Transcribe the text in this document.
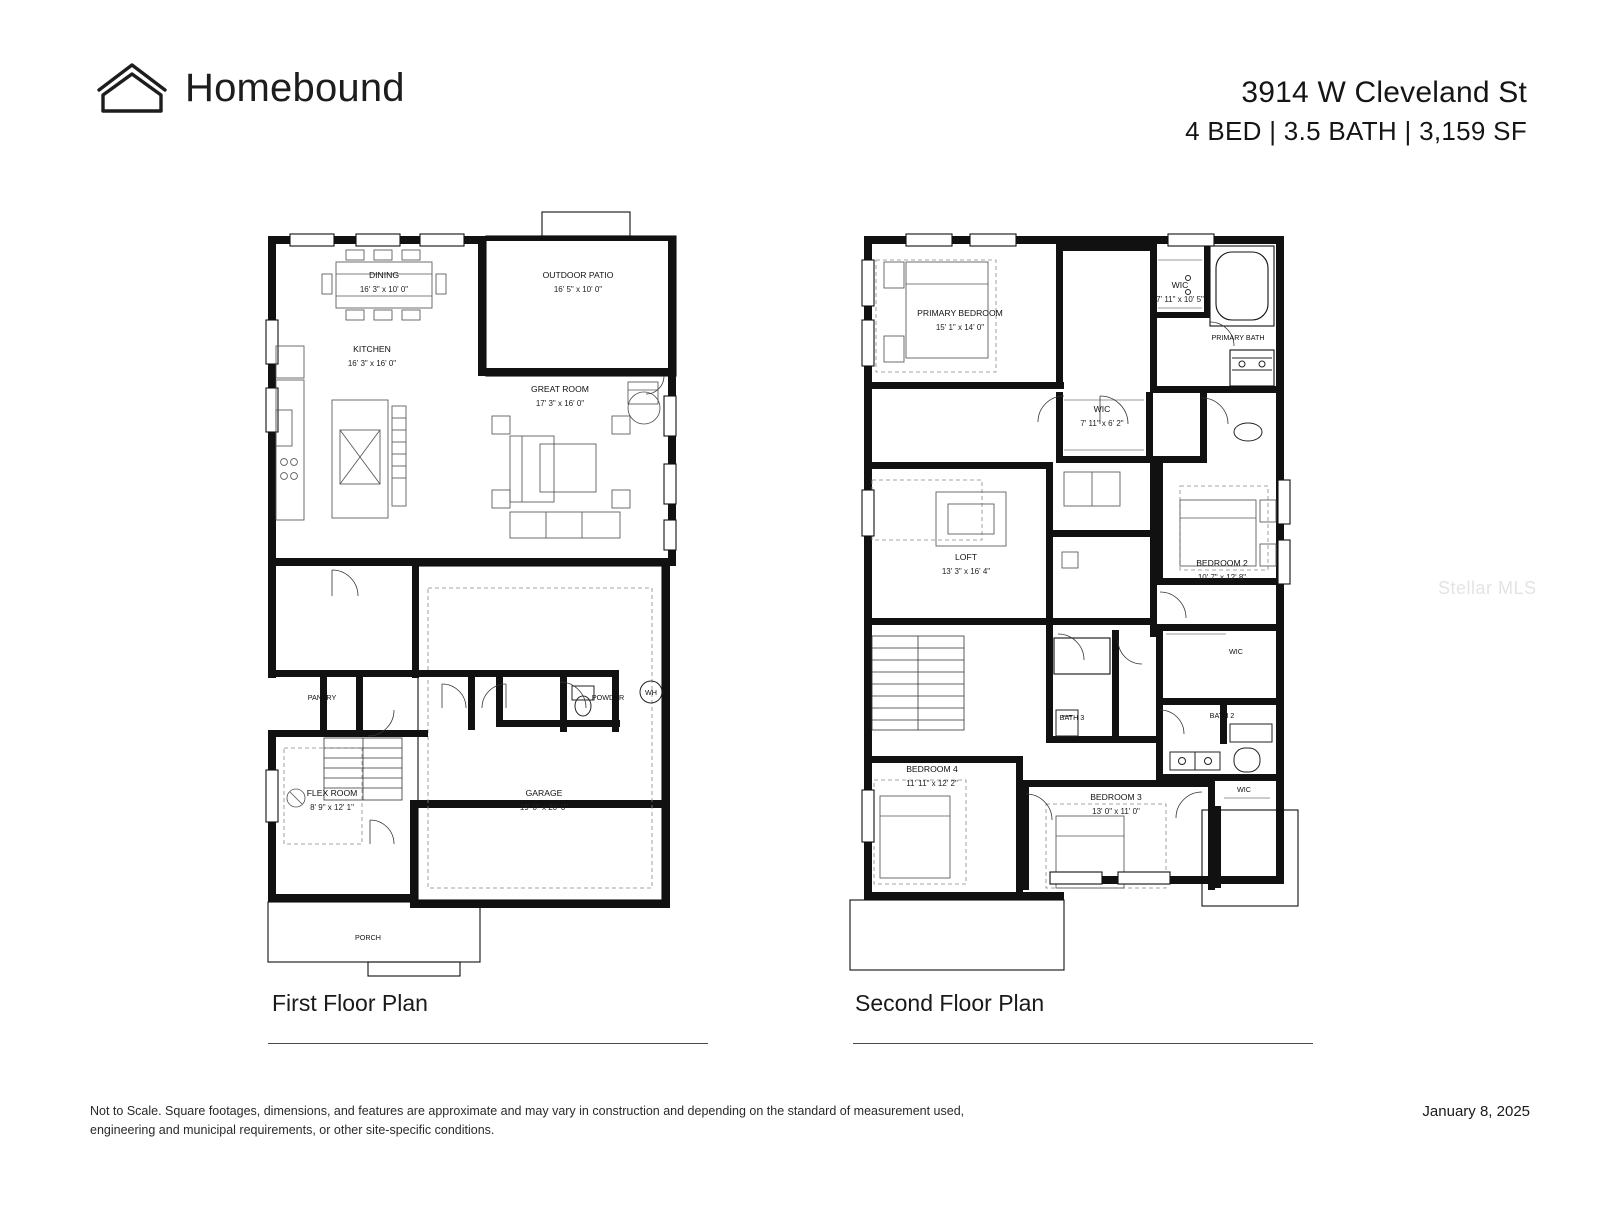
Homebound	3914 W Cleveland St
4 BED | 3.5 BATH | 3,159 SF
DINING
16' 3" x 10' 0"
OUTDOOR PATIO
16' 5" x 10' 0"
KITCHEN
16' 3" x 16' 0"
GREAT ROOM
17' 3" x 16' 0"
PANTRY	POWDER
WH
FLEX ROOM
8' 9" x 12' 1"
GARAGE
19' 0" x 20' 0"
PORCH
PRIMARY BEDROOM
15' 1" x 14' 0"
WIC
7' 11" x 10' 5"
PRIMARY BATH
WIC
7' 11" x 6' 2"
LOFT
13' 3" x 16' 4"
BEDROOM 2
10' 7" x 12' 8"
WIC
BATH 2
BATH 3
BEDROOM 4
11' 11" x 12' 2"
BEDROOM 3
13' 0" x 11' 0"
WIC
First Floor Plan	Second Floor Plan
Stellar MLS
Not to Scale. Square footages, dimensions, and features are approximate and may vary in construction and depending on the standard of measurement used,
engineering and municipal requirements, or other site-specific conditions.
January 8, 2025
